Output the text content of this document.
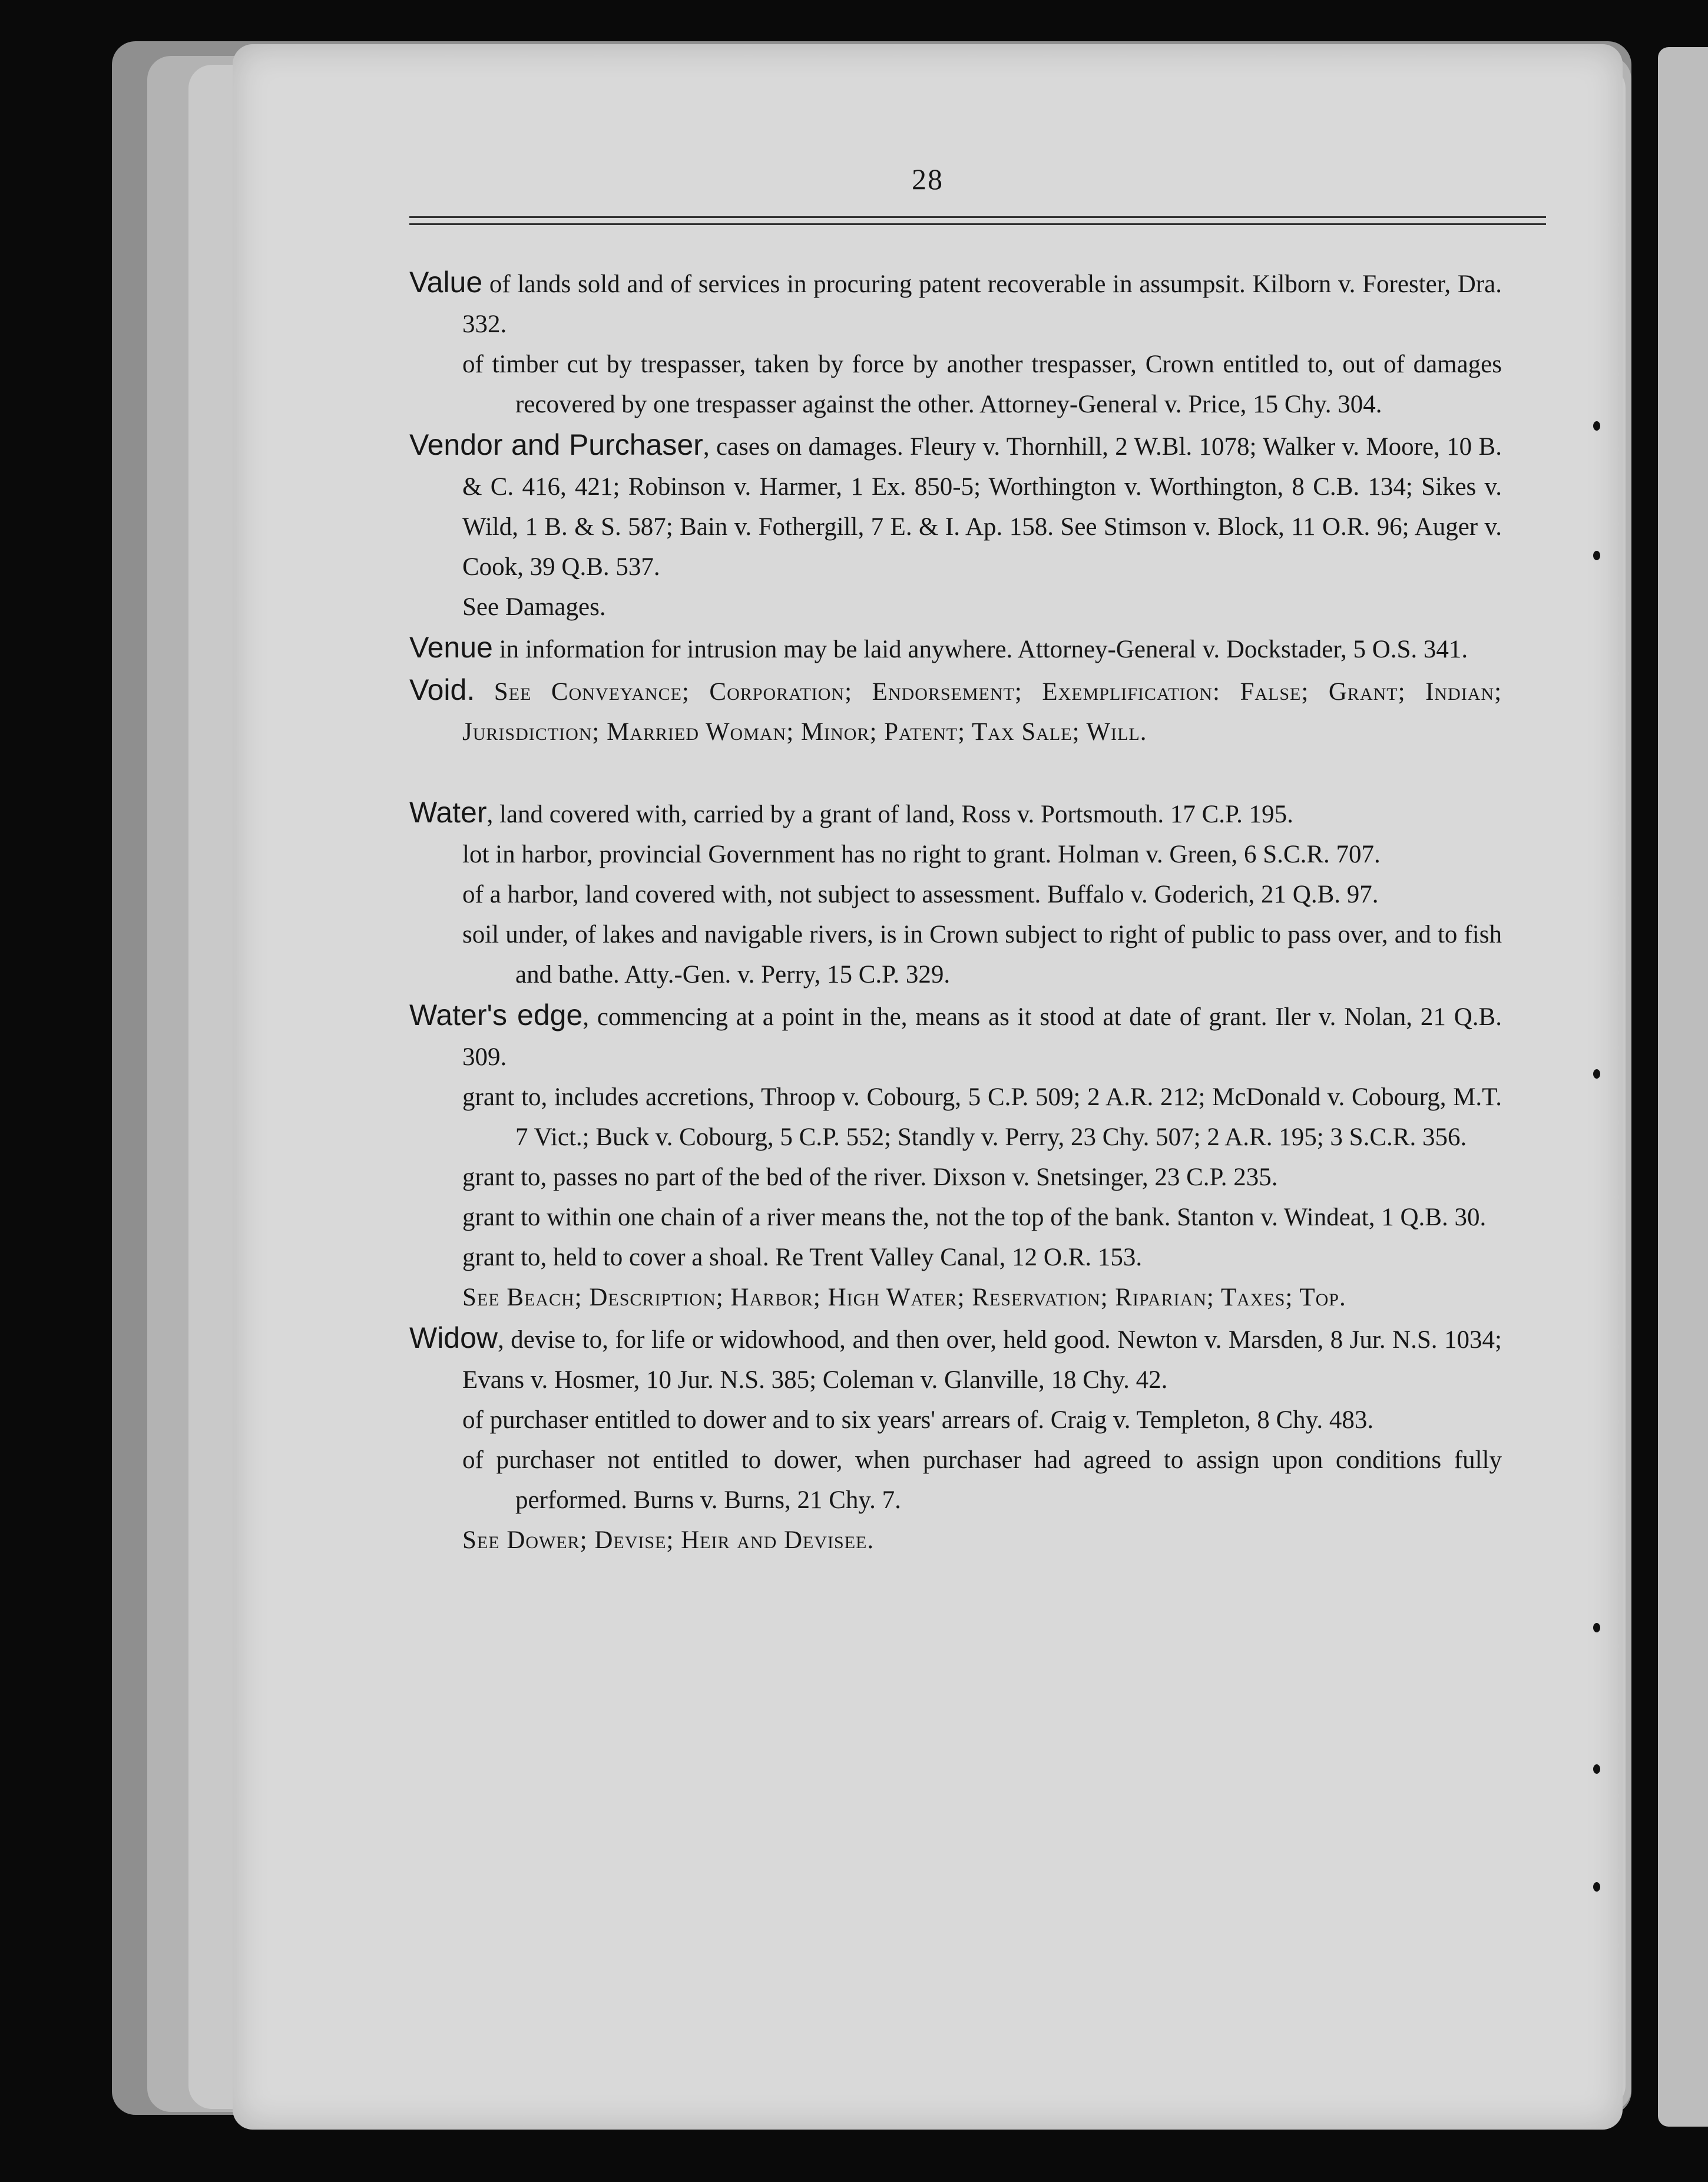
28
Value of lands sold and of services in procuring patent recoverable in assumpsit. Kilborn v. Forester, Dra. 332.
of timber cut by trespasser, taken by force by another trespasser, Crown entitled to, out of damages recovered by one trespasser against the other. Attorney-General v. Price, 15 Chy. 304.
Vendor and Purchaser, cases on damages. Fleury v. Thornhill, 2 W.Bl. 1078; Walker v. Moore, 10 B. & C. 416, 421; Robinson v. Harmer, 1 Ex. 850-5; Worthington v. Worthington, 8 C.B. 134; Sikes v. Wild, 1 B. & S. 587; Bain v. Fothergill, 7 E. & I. Ap. 158. See Stimson v. Block, 11 O.R. 96; Auger v. Cook, 39 Q.B. 537.
See Damages.
Venue in information for intrusion may be laid anywhere. Attorney-General v. Dockstader, 5 O.S. 341.
Void. See Conveyance; Corporation; Endorsement; Exemplification: False; Grant; Indian; Jurisdiction; Married Woman; Minor; Patent; Tax Sale; Will.
Water, land covered with, carried by a grant of land, Ross v. Portsmouth. 17 C.P. 195.
lot in harbor, provincial Government has no right to grant. Holman v. Green, 6 S.C.R. 707.
of a harbor, land covered with, not subject to assessment. Buffalo v. Goderich, 21 Q.B. 97.
soil under, of lakes and navigable rivers, is in Crown subject to right of public to pass over, and to fish and bathe. Atty.-Gen. v. Perry, 15 C.P. 329.
Water's edge, commencing at a point in the, means as it stood at date of grant. Iler v. Nolan, 21 Q.B. 309.
grant to, includes accretions, Throop v. Cobourg, 5 C.P. 509; 2 A.R. 212; McDonald v. Cobourg, M.T. 7 Vict.; Buck v. Cobourg, 5 C.P. 552; Standly v. Perry, 23 Chy. 507; 2 A.R. 195; 3 S.C.R. 356.
grant to, passes no part of the bed of the river. Dixson v. Snetsinger, 23 C.P. 235.
grant to within one chain of a river means the, not the top of the bank. Stanton v. Windeat, 1 Q.B. 30.
grant to, held to cover a shoal. Re Trent Valley Canal, 12 O.R. 153.
See Beach; Description; Harbor; High Water; Reservation; Riparian; Taxes; Top.
Widow, devise to, for life or widowhood, and then over, held good. Newton v. Marsden, 8 Jur. N.S. 1034; Evans v. Hosmer, 10 Jur. N.S. 385; Coleman v. Glanville, 18 Chy. 42.
of purchaser entitled to dower and to six years' arrears of. Craig v. Templeton, 8 Chy. 483.
of purchaser not entitled to dower, when purchaser had agreed to assign upon conditions fully performed. Burns v. Burns, 21 Chy. 7.
See Dower; Devise; Heir and Devisee.
